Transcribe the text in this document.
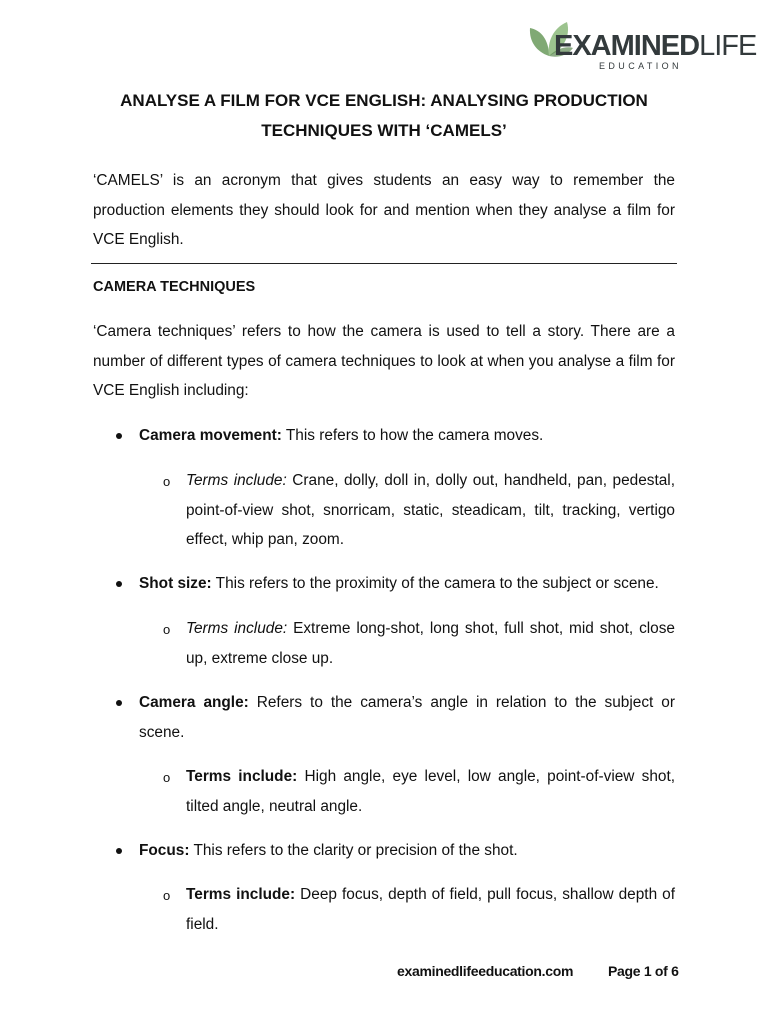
EXAMINEDLIFE
EDUCATION
ANALYSE A FILM FOR VCE ENGLISH: ANALYSING PRODUCTION
TECHNIQUES WITH ‘CAMELS’

‘CAMELS’ is an acronym that gives students an easy way to remember the production elements they should look for and mention when they analyse a film for VCE English.

CAMERA TECHNIQUES

‘Camera techniques’ refers to how the camera is used to tell a story. There are a number of different types of camera techniques to look at when you analyse a film for VCE English including:

Camera movement: This refers to how the camera moves.

o Terms include: Crane, dolly, doll in, dolly out, handheld, pan, pedestal, point-of-view shot, snorricam, static, steadicam, tilt, tracking, vertigo effect, whip pan, zoom.

Shot size: This refers to the proximity of the camera to the subject or scene.

o Terms include: Extreme long-shot, long shot, full shot, mid shot, close up, extreme close up.

Camera angle: Refers to the camera’s angle in relation to the subject or scene.

o Terms include: High angle, eye level, low angle, point-of-view shot, tilted angle, neutral angle.

Focus: This refers to the clarity or precision of the shot.

o Terms include: Deep focus, depth of field, pull focus, shallow depth of field.

examinedlifeeducation.com Page 1 of 6
